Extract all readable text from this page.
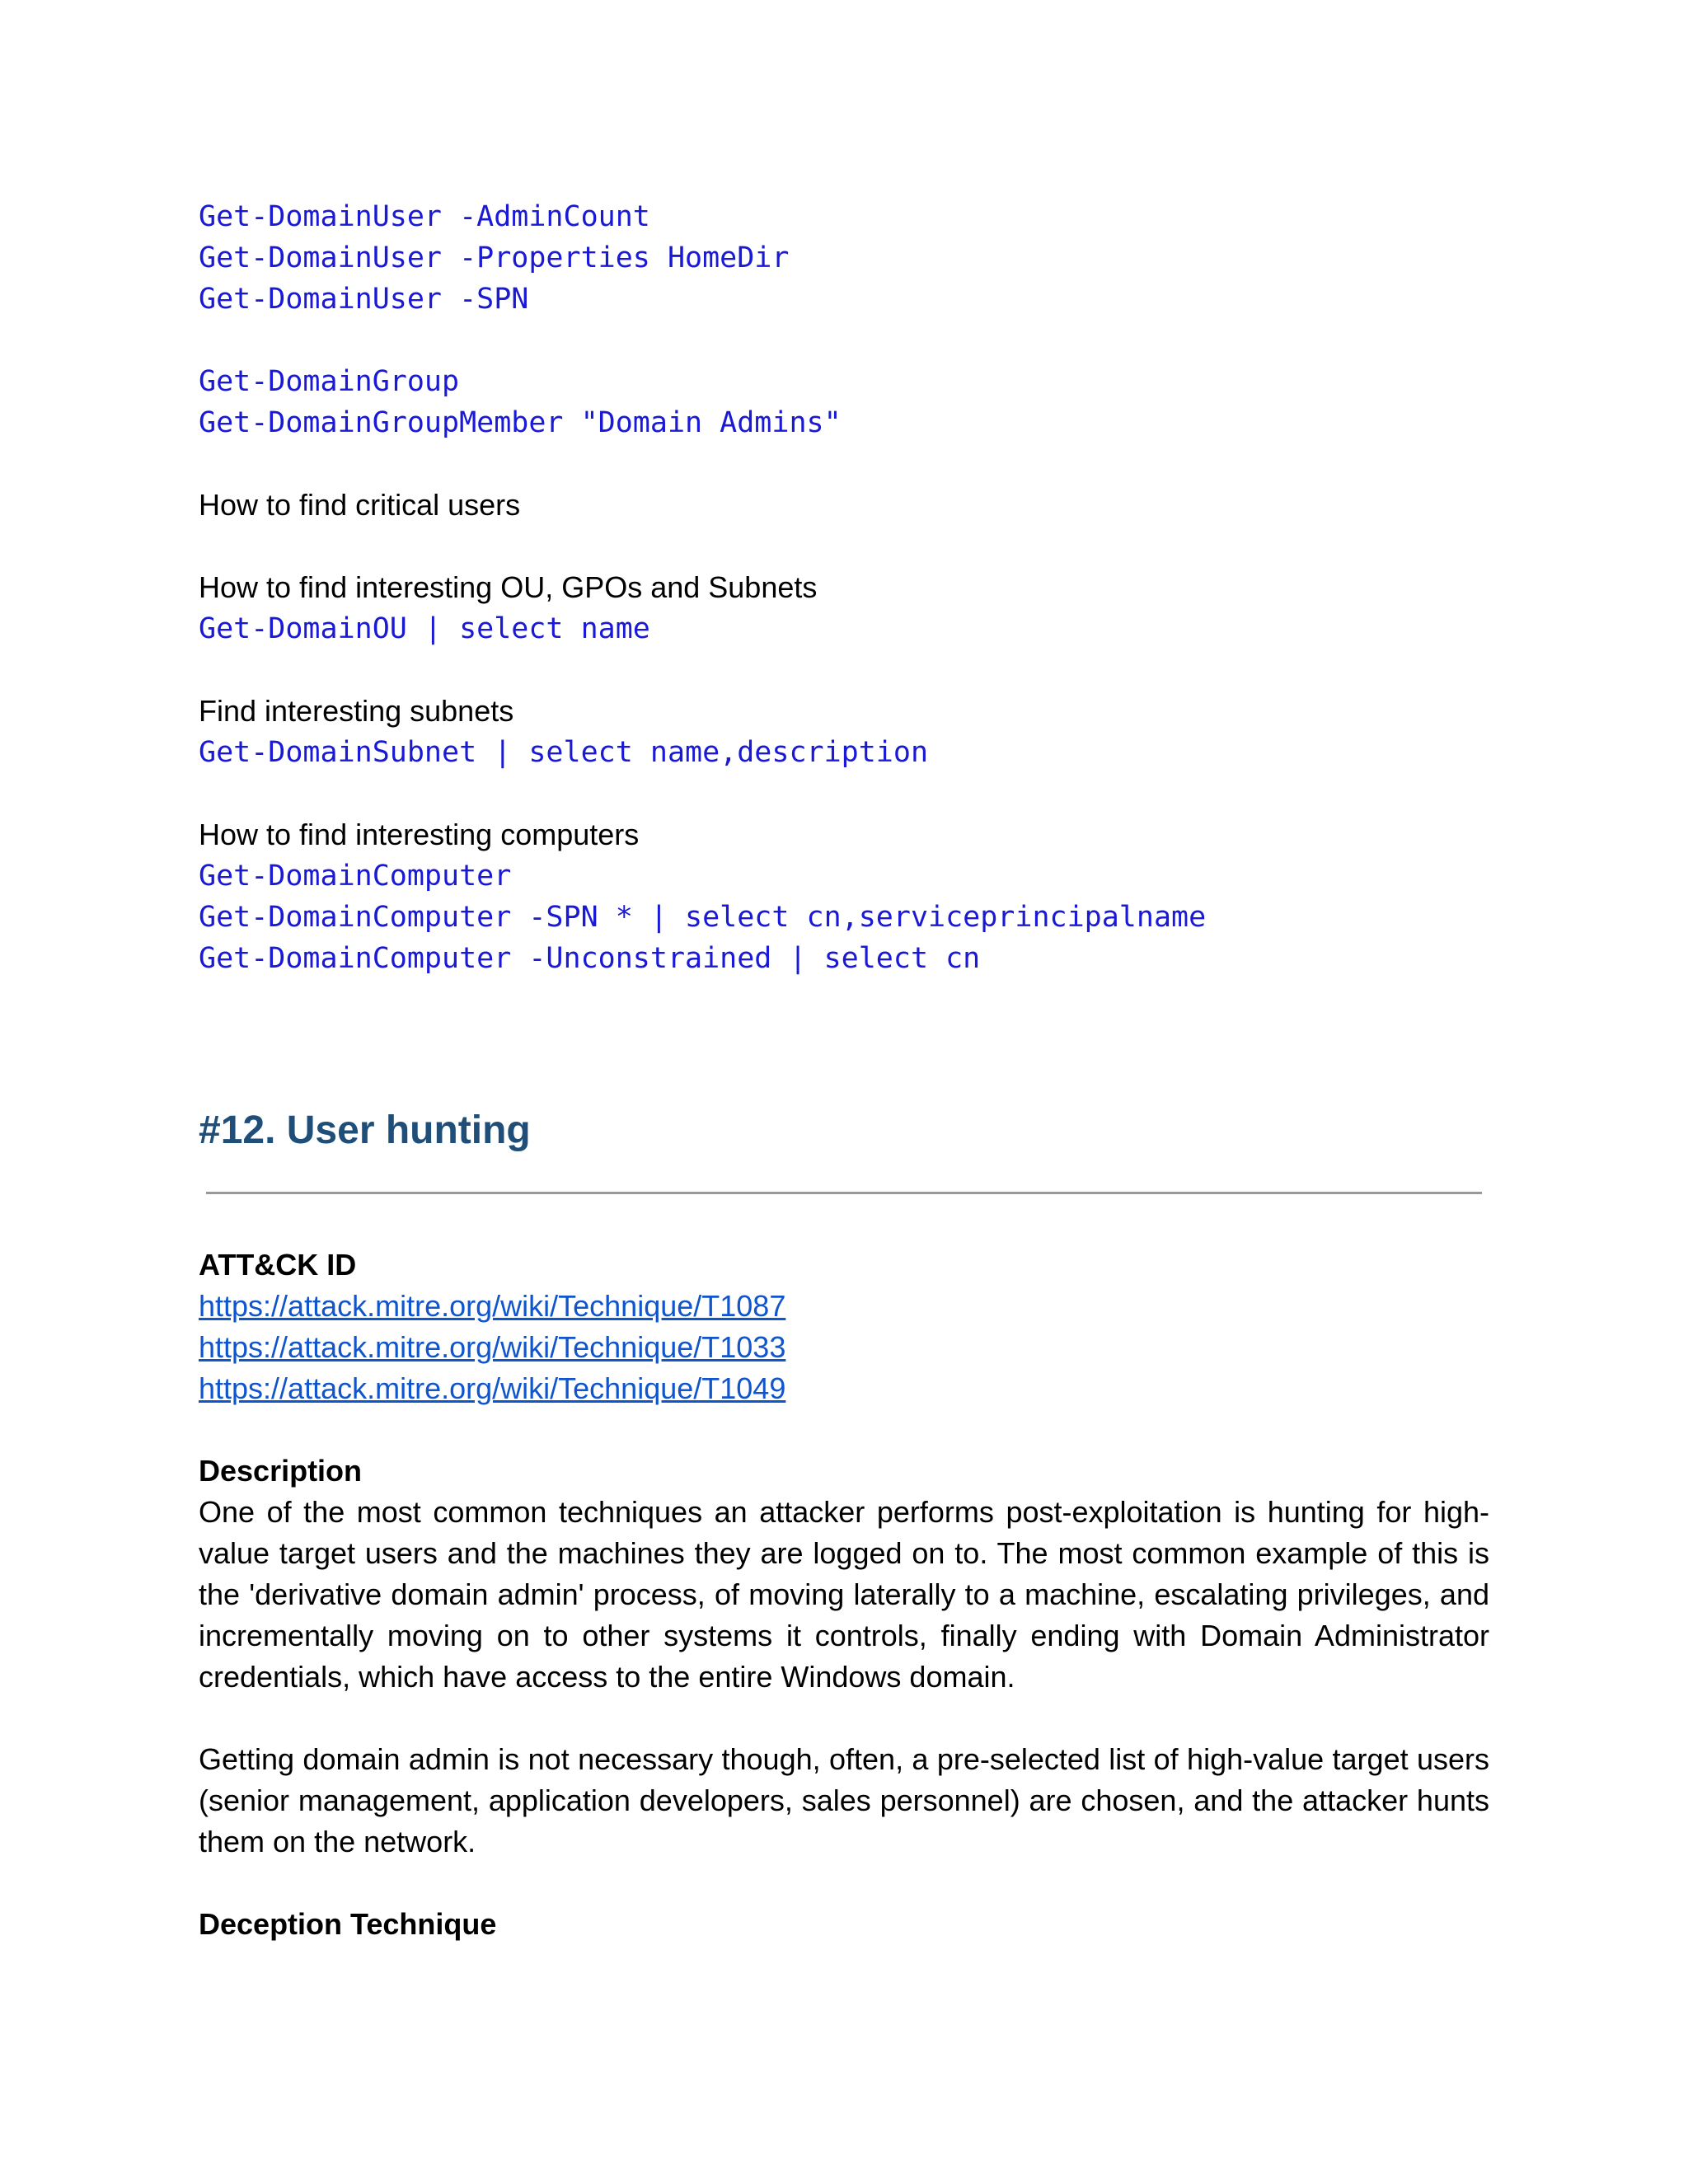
Get-DomainUser -AdminCount
Get-DomainUser -Properties HomeDir
Get-DomainUser -SPN
Get-DomainGroup
Get-DomainGroupMember "Domain Admins"
How to find critical users
How to find interesting OU, GPOs and Subnets
Get-DomainOU | select name
Find interesting subnets
Get-DomainSubnet | select name,description
How to find interesting computers
Get-DomainComputer
Get-DomainComputer -SPN * | select cn,serviceprincipalname
Get-DomainComputer -Unconstrained | select cn
#12. User hunting
ATT&CK ID
https://attack.mitre.org/wiki/Technique/T1087
https://attack.mitre.org/wiki/Technique/T1033
https://attack.mitre.org/wiki/Technique/T1049
Description

One of the most common techniques an attacker performs post-exploitation is hunting for high-value target users and the machines they are logged on to. The most common example of this is the 'derivative domain admin' process, of moving laterally to a machine, escalating privileges, and incrementally moving on to other systems it controls, finally ending with Domain Administrator credentials, which have access to the entire Windows domain.

Getting domain admin is not necessary though, often, a pre-selected list of high-value target users (senior management, application developers, sales personnel) are chosen, and the attacker hunts them on the network.

Deception Technique
